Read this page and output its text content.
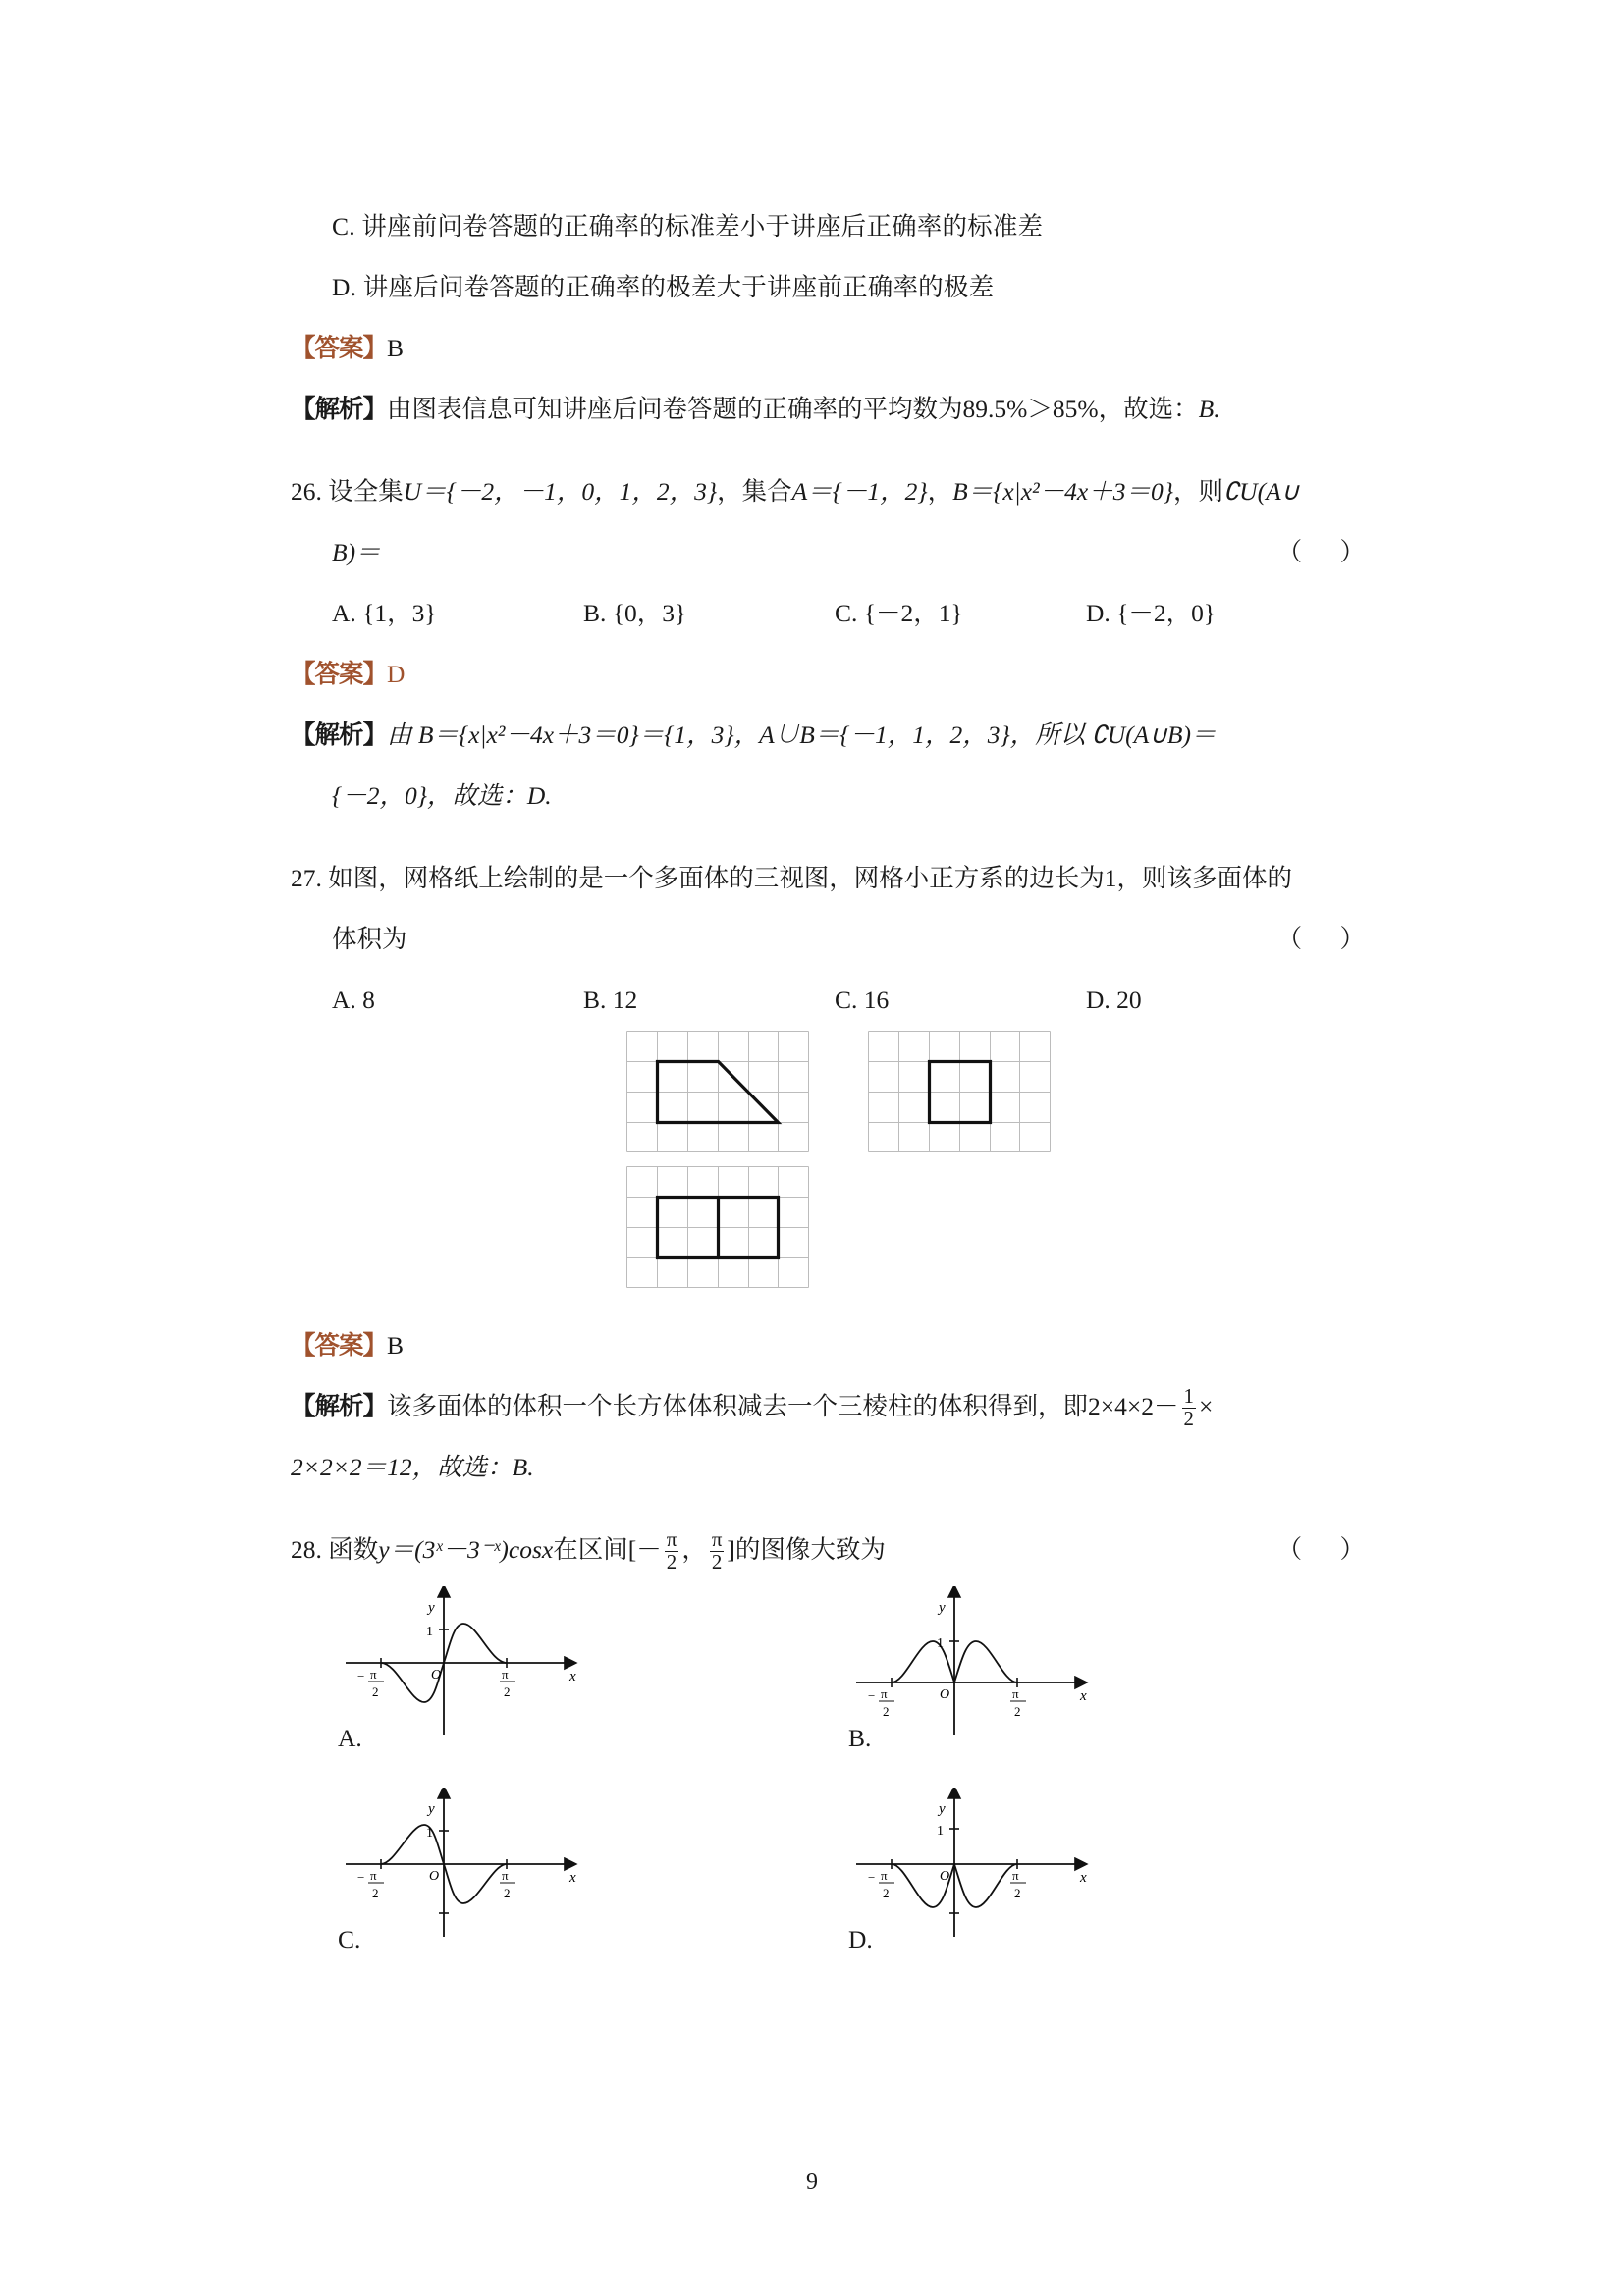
C. 讲座前问卷答题的正确率的标准差小于讲座后正确率的标准差
D. 讲座后问卷答题的正确率的极差大于讲座前正确率的极差
【答案】B
【解析】由图表信息可知讲座后问卷答题的正确率的平均数为89.5%＞85%，故选：B.
26. 设全集U＝{－2，－1，0，1，2，3}，集合A＝{－1，2}，B＝{x|x²－4x＋3＝0}，则∁U(A∪
B)＝	（ ）
A. {1，3}	B. {0，3}	C. {－2，1}	D. {－2，0}
【答案】D
【解析】由 B＝{x|x²－4x＋3＝0}＝{1，3}，A∪B＝{－1，1，2，3}，所以 ∁U(A∪B)＝
{－2，0}，故选：D.
27. 如图，网格纸上绘制的是一个多面体的三视图，网格小正方系的边长为1，则该多面体的
体积为	（ ）
A. 8	B. 12	C. 16	D. 20
【答案】B
【解析】该多面体的体积一个长方体体积减去一个三棱柱的体积得到，即$2\times 4\times 2- \frac{1}{2}$ ×
2×2×2＝12，故选：B.
28. 函数y＝(3ˣ－3⁻ˣ)cosx在区间[－ $\frac{\pi}{2}$ ， $\frac{\pi}{2}$ ]的图像大致为	（ ）
y
x
O
1
− π
2
π
2
A.
y
x
O
1
− π
2
π
2
B.
y
x
O
1
− π
2
π
2
C.
y
x
O
1
− π
2
π
2
D.
9
